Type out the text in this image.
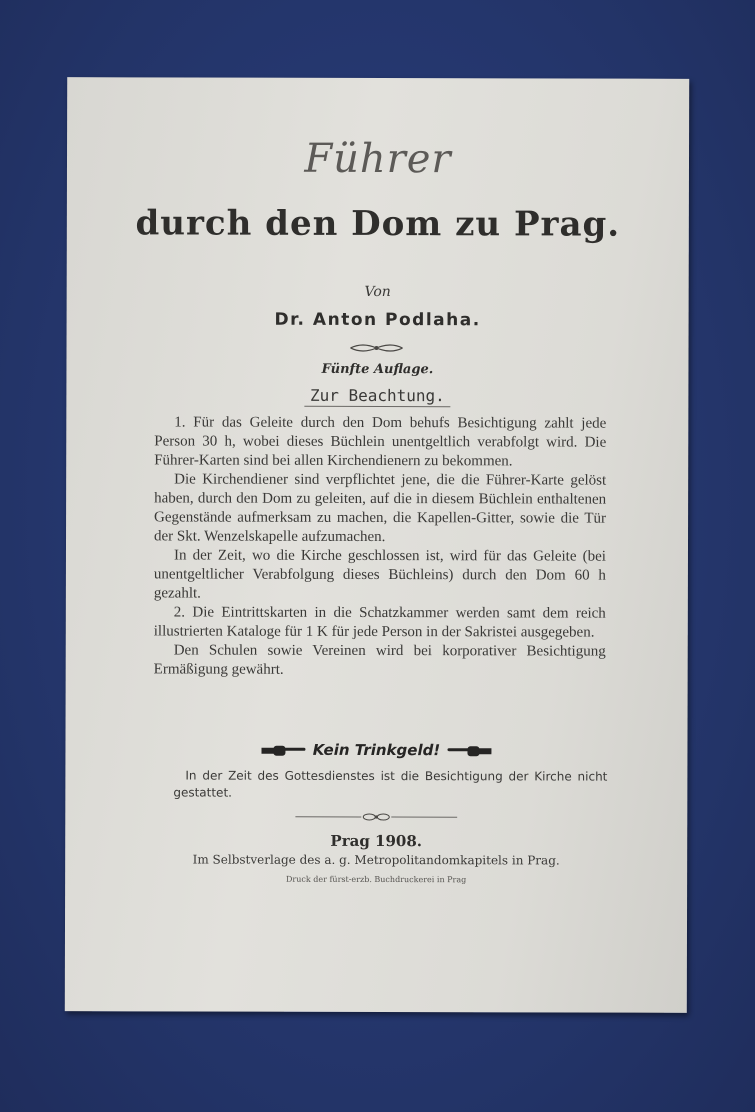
Führer
durch den Dom zu Prag.
Von
Dr. Anton Podlaha.
Fünfte Auflage.
Zur Beachtung.

1. Für das Geleite durch den Dom behufs Besichtigung zahlt jede Person 30 h, wobei dieses Büchlein unentgeltlich verabfolgt wird. Die Führer-Karten sind bei allen Kirchendienern zu bekommen.

Die Kirchendiener sind verpflichtet jene, die die Führer-Karte gelöst haben, durch den Dom zu geleiten, auf die in diesem Büchlein enthaltenen Gegenstände aufmerksam zu machen, die Kapellen-Gitter, sowie die Tür der Skt. Wenzelskapelle aufzumachen.

In der Zeit, wo die Kirche geschlossen ist, wird für das Geleite (bei unentgeltlicher Verabfolgung dieses Büchleins) durch den Dom 60 h gezahlt.

2. Die Eintrittskarten in die Schatzkammer werden samt dem reich illustrierten Kataloge für 1 K für jede Person in der Sakristei ausgegeben.

Den Schulen sowie Vereinen wird bei korporativer Besichtigung Ermäßigung gewährt.

Kein Trinkgeld!

In der Zeit des Gottesdienstes ist die Besichtigung der Kirche nicht gestattet.

Prag 1908.
Im Selbstverlage des a. g. Metropolitandomkapitels in Prag.
Druck der fürst-erzb. Buchdruckerei in Prag
